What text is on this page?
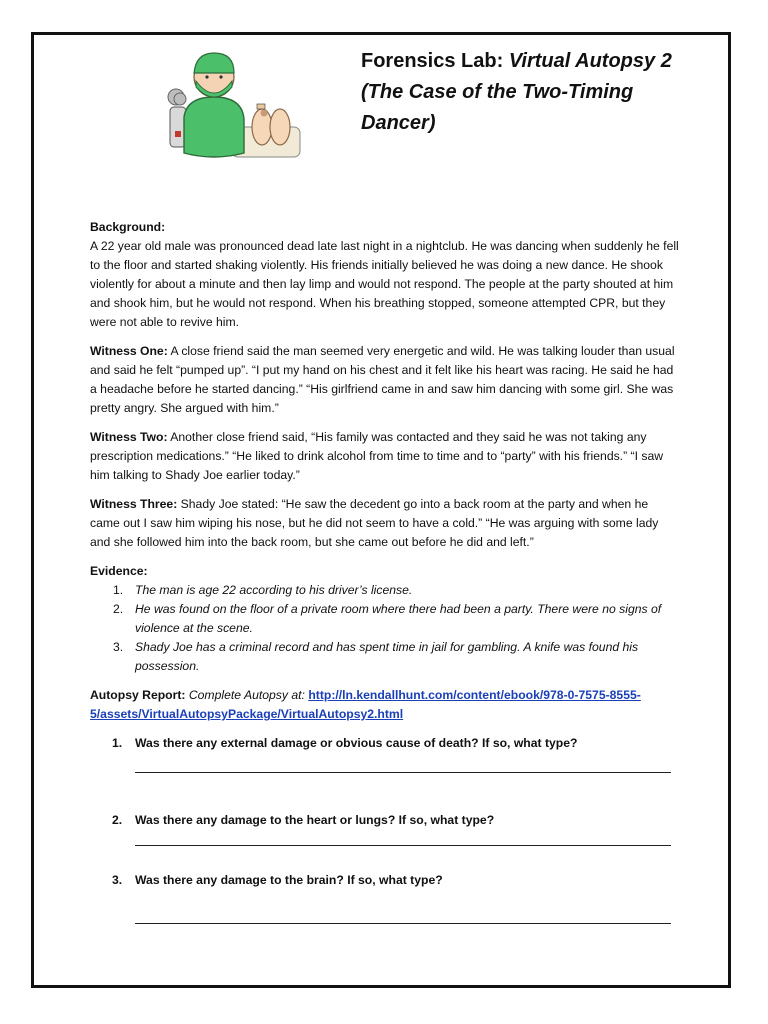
Forensics Lab: Virtual Autopsy 2
(The Case of the Two-Timing Dancer)

Background:
A 22 year old male was pronounced dead late last night in a nightclub. He was dancing when suddenly he fell to the floor and started shaking violently. His friends initially believed he was doing a new dance. He shook violently for about a minute and then lay limp and would not respond. The people at the party shouted at him and shook him, but he would not respond. When his breathing stopped, someone attempted CPR, but they were not able to revive him.

Witness One: A close friend said the man seemed very energetic and wild. He was talking louder than usual and said he felt “pumped up”. “I put my hand on his chest and it felt like his heart was racing. He said he had a headache before he started dancing.” “His girlfriend came in and saw him dancing with some girl. She was pretty angry. She argued with him.”

Witness Two: Another close friend said, “His family was contacted and they said he was not taking any prescription medications.” “He liked to drink alcohol from time to time and to “party” with his friends.” “I saw him talking to Shady Joe earlier today.”

Witness Three: Shady Joe stated: “He saw the decedent go into a back room at the party and when he came out I saw him wiping his nose, but he did not seem to have a cold.” “He was arguing with some lady and she followed him into the back room, but she came out before he did and left.”

Evidence:
1. The man is age 22 according to his driver’s license.
2. He was found on the floor of a private room where there had been a party. There were no signs of violence at the scene.
3. Shady Joe has a criminal record and has spent time in jail for gambling. A knife was found his possession.

Autopsy Report: Complete Autopsy at: http://ln.kendallhunt.com/content/ebook/978-0-7575-8555-5/assets/VirtualAutopsyPackage/VirtualAutopsy2.html

1. Was there any external damage or obvious cause of death? If so, what type?
2. Was there any damage to the heart or lungs? If so, what type?
3. Was there any damage to the brain? If so, what type?
